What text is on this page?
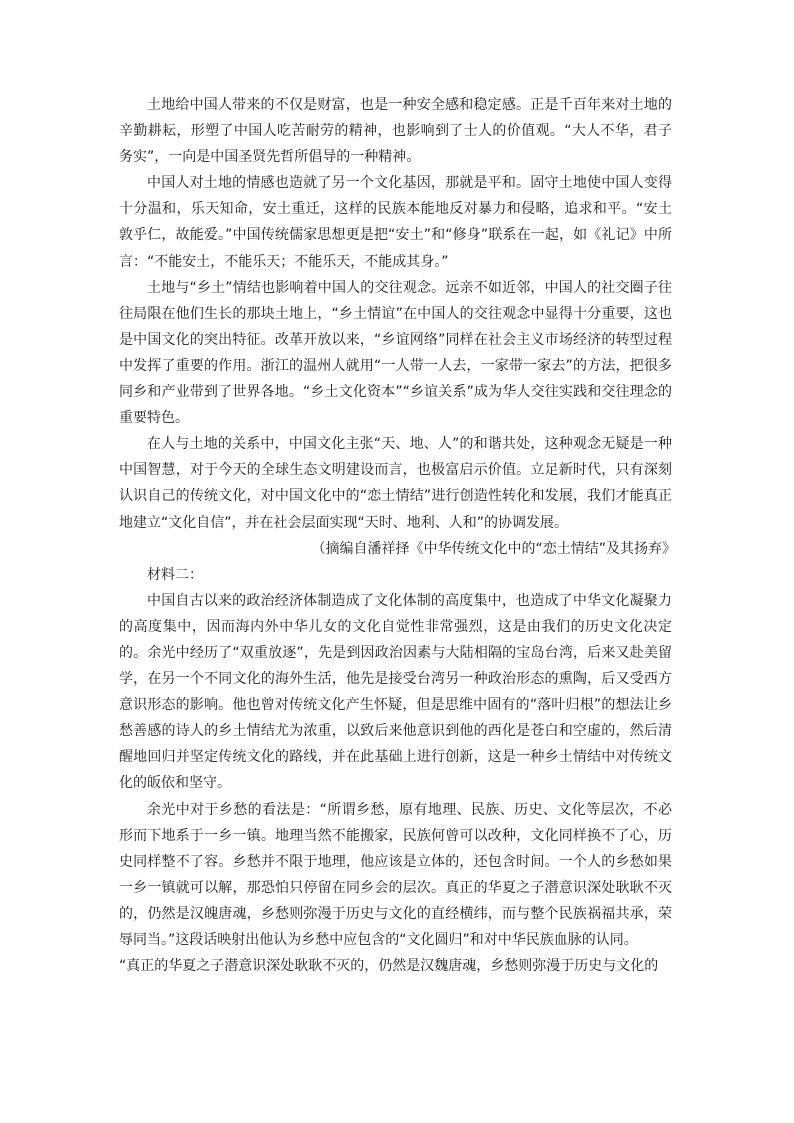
土地给中国人带来的不仅是财富，也是一种安全感和稳定感。正是千百年来对土地的辛勤耕耘，形塑了中国人吃苦耐劳的精神，也影响到了士人的价值观。“大人不华，君子务实”，一向是中国圣贤先哲所倡导的一种精神。

中国人对土地的情感也造就了另一个文化基因，那就是平和。固守土地使中国人变得十分温和，乐天知命，安土重迁，这样的民族本能地反对暴力和侵略，追求和平。“安土敦乎仁，故能爱。”中国传统儒家思想更是把“安土”和“修身”联系在一起，如《礼记》中所言：“不能安土，不能乐天；不能乐天，不能成其身。”

土地与“乡土”情结也影响着中国人的交往观念。远亲不如近邻，中国人的社交圈子往往局限在他们生长的那块土地上，“乡土情谊”在中国人的交往观念中显得十分重要，这也是中国文化的突出特征。改革开放以来，“乡谊网络”同样在社会主义市场经济的转型过程中发挥了重要的作用。浙江的温州人就用“一人带一人去，一家带一家去”的方法，把很多同乡和产业带到了世界各地。“乡土文化资本”“乡谊关系”成为华人交往实践和交往理念的重要特色。

在人与土地的关系中，中国文化主张“天、地、人”的和谐共处，这种观念无疑是一种中国智慧，对于今天的全球生态文明建设而言，也极富启示价值。立足新时代，只有深刻认识自己的传统文化，对中国文化中的“恋土情结”进行创造性转化和发展，我们才能真正地建立“文化自信”，并在社会层面实现“天时、地利、人和”的协调发展。

（摘编自潘祥择《中华传统文化中的“恋土情结”及其扬弃》

材料二：

中国自古以来的政治经济体制造成了文化体制的高度集中，也造成了中华文化凝聚力的高度集中，因而海内外中华儿女的文化自觉性非常强烈，这是由我们的历史文化决定的。余光中经历了“双重放逐”，先是到因政治因素与大陆相隔的宝岛台湾，后来又赴美留学，在另一个不同文化的海外生活，他先是接受台湾另一种政治形态的熏陶，后又受西方意识形态的影响。他也曾对传统文化产生怀疑，但是思维中固有的“落叶归根”的想法让乡愁善感的诗人的乡土情结尤为浓重，以致后来他意识到他的西化是苍白和空虚的，然后清醒地回归并坚定传统文化的路线，并在此基础上进行创新，这是一种乡土情结中对传统文化的皈依和坚守。

余光中对于乡愁的看法是：“所谓乡愁，原有地理、民族、历史、文化等层次，不必形而下地系于一乡一镇。地理当然不能搬家，民族何曾可以改种，文化同样换不了心，历史同样整不了容。乡愁并不限于地理，他应该是立体的，还包含时间。一个人的乡愁如果一乡一镇就可以解，那恐怕只停留在同乡会的层次。真正的华夏之子潜意识深处耿耿不灭的，仍然是汉魄唐魂，乡愁则弥漫于历史与文化的直经横纬，而与整个民族祸福共承，荣辱同当。”这段话映射出他认为乡愁中应包含的“文化圆归”和对中华民族血脉的认同。

“真正的华夏之子潜意识深处耿耿不灭的，仍然是汉魏唐魂，乡愁则弥漫于历史与文化的
